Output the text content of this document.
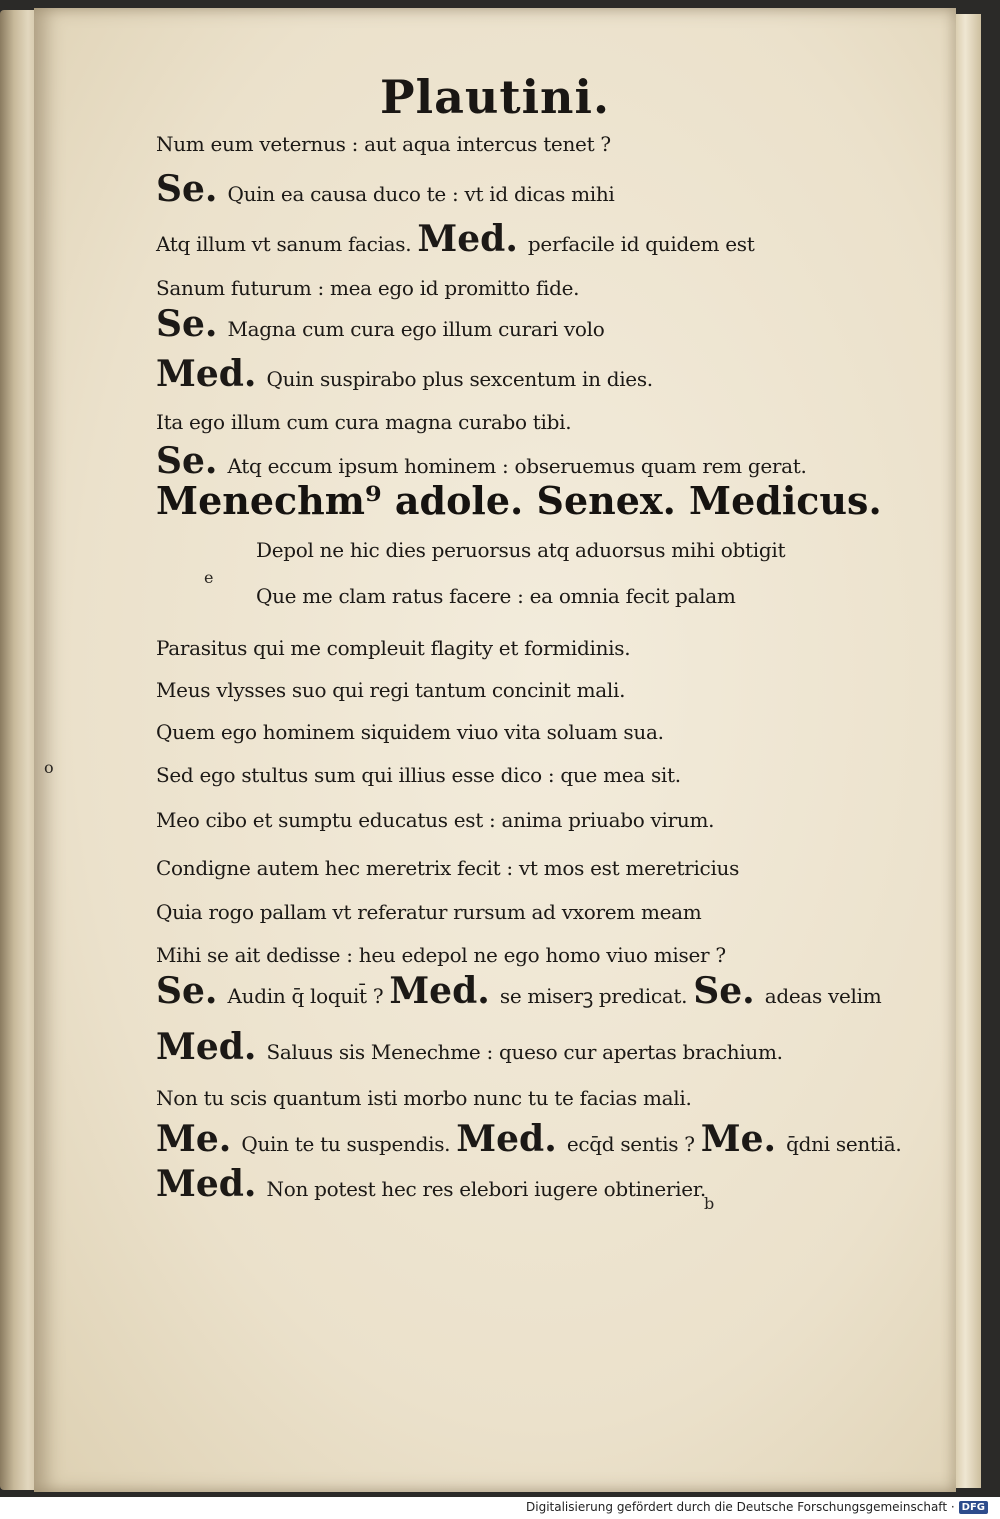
Plautini.
Num eum veternus : aut aqua intercus tenet ?
Se. Quin ea causa duco te : vt id dicas mihi
Atq illum vt sanum facias. Med. perfacile id quidem est
Sanum futurum : mea ego id promitto fide.
Se. Magna cum cura ego illum curari volo
Med. Quin suspirabo plus sexcentum in dies.
Ita ego illum cum cura magna curabo tibi.
Se. Atq eccum ipsum hominem : obseruemus quam rem gerat.
Menechm⁹ adole. Senex. Medicus.
Depol ne hic dies peruorsus atq aduorsus mihi obtigit
e
Que me clam ratus facere : ea omnia fecit palam
Parasitus qui me compleuit flagity et formidinis.
Meus vlysses suo qui regi tantum concinit mali.
Quem ego hominem siquidem viuo vita soluam sua.
o	Sed ego stultus sum qui illius esse dico : que mea sit.
Meo cibo et sumptu educatus est : anima priuabo virum.
Condigne autem hec meretrix fecit : vt mos est meretricius
Quia rogo pallam vt referatur rursum ad vxorem meam
Mihi se ait dedisse : heu edepol ne ego homo viuo miser ?
Se. Audin q̄ loquit̄ ? Med. se miserꝫ predicat. Se. adeas velim
Med. Saluus sis Menechme : queso cur apertas brachium.
Non tu scis quantum isti morbo nunc tu te facias mali.
Me. Quin te tu suspendis. Med. ecq̄d sentis ? Me. q̄dni sentiā.
Med. Non potest hec res elebori iugere obtinerier.
b
Digitalisierung gefördert durch die Deutsche Forschungsgemeinschaft · DFG
